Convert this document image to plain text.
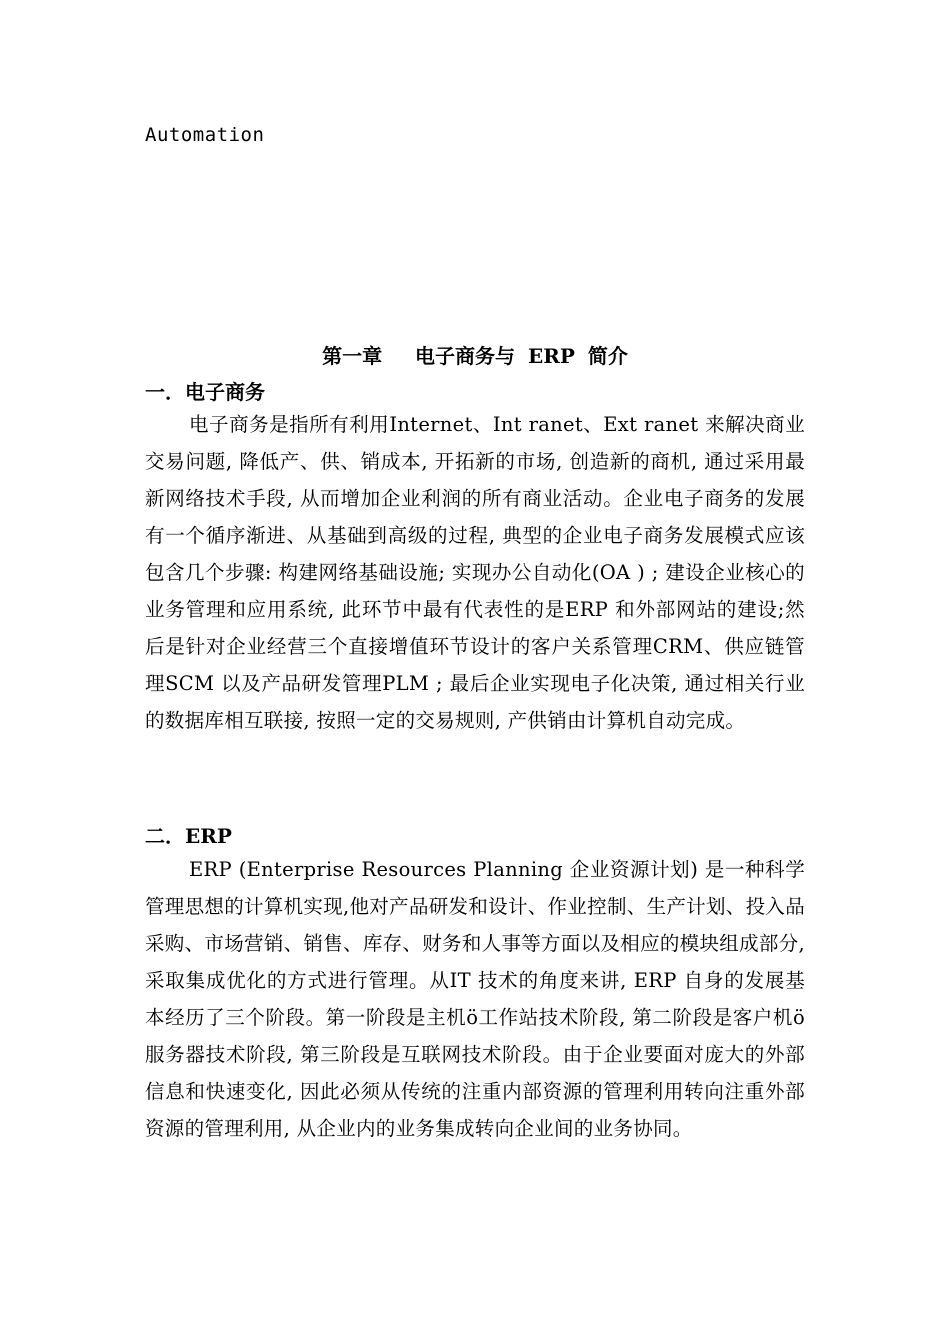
Automation
第一章　 电子商务与 ERP 简介
一．电子商务

电子商务是指所有利用Internet、Int ranet、Ext ranet 来解决商业交易问题, 降低产、供、销成本, 开拓新的市场, 创造新的商机, 通过采用最新网络技术手段, 从而增加企业利润的所有商业活动。企业电子商务的发展有一个循序渐进、从基础到高级的过程, 典型的企业电子商务发展模式应该包含几个步骤: 构建网络基础设施; 实现办公自动化(OA ) ; 建设企业核心的业务管理和应用系统, 此环节中最有代表性的是ERP 和外部网站的建设;然后是针对企业经营三个直接增值环节设计的客户关系管理CRM、供应链管理SCM 以及产品研发管理PLM ; 最后企业实现电子化决策, 通过相关行业的数据库相互联接, 按照一定的交易规则, 产供销由计算机自动完成。

二．ERP

ERP (Enterprise Resources Planning 企业资源计划) 是一种科学管理思想的计算机实现,他对产品研发和设计、作业控制、生产计划、投入品采购、市场营销、销售、库存、财务和人事等方面以及相应的模块组成部分, 采取集成优化的方式进行管理。从IT 技术的角度来讲, ERP 自身的发展基本经历了三个阶段。第一阶段是主机ö工作站技术阶段, 第二阶段是客户机ö服务器技术阶段, 第三阶段是互联网技术阶段。由于企业要面对庞大的外部信息和快速变化, 因此必须从传统的注重内部资源的管理利用转向注重外部资源的管理利用, 从企业内的业务集成转向企业间的业务协同。
